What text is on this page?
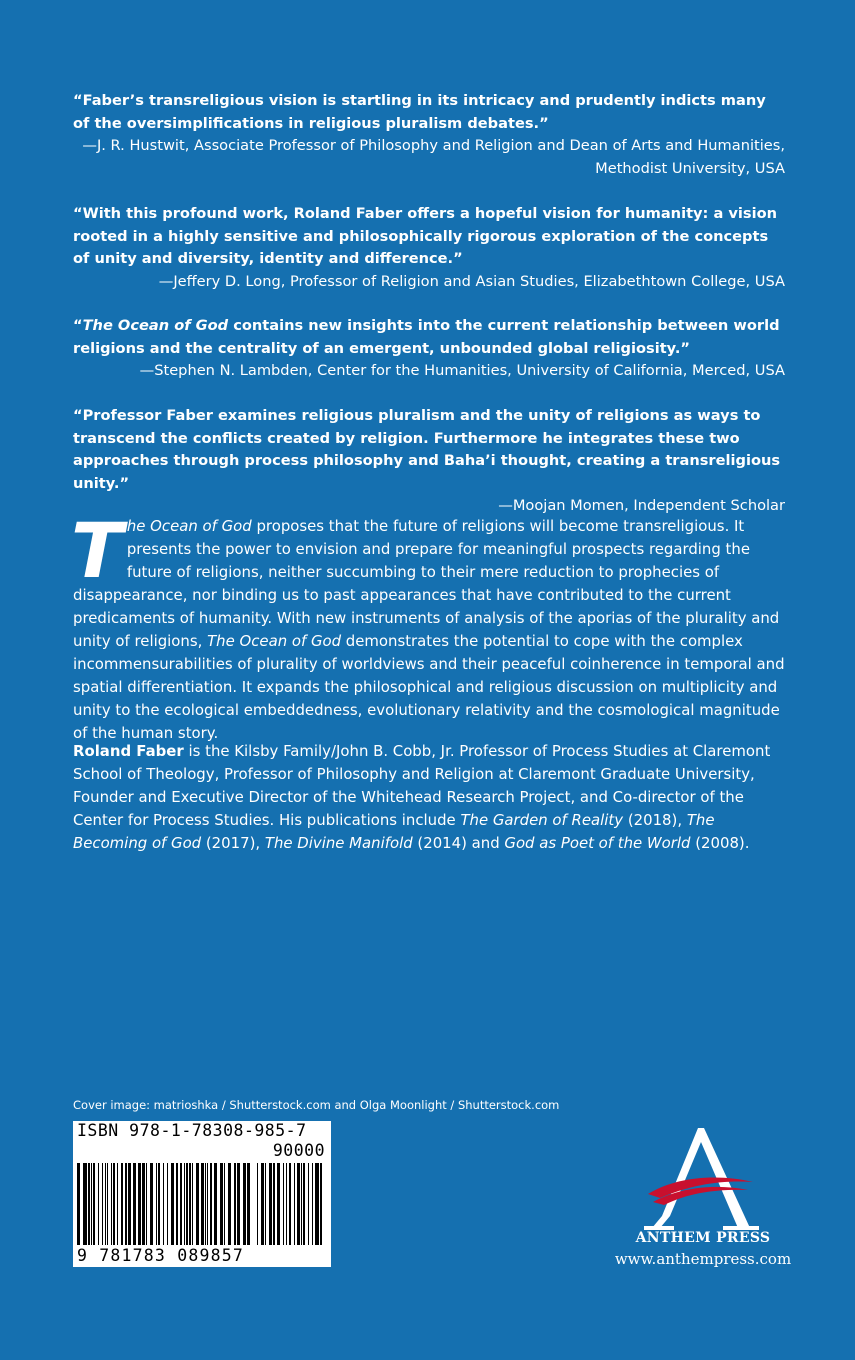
“Faber’s transreligious vision is startling in its intricacy and prudently indicts many of the oversimplifications in religious pluralism debates.”

—J. R. Hustwit, Associate Professor of Philosophy and Religion and Dean of Arts and Humanities, Methodist University, USA

“With this profound work, Roland Faber offers a hopeful vision for humanity: a vision rooted in a highly sensitive and philosophically rigorous exploration of the concepts of unity and diversity, identity and difference.”

—Jeffery D. Long, Professor of Religion and Asian Studies, Elizabethtown College, USA

“The Ocean of God contains new insights into the current relationship between world religions and the centrality of an emergent, unbounded global religiosity.”

—Stephen N. Lambden, Center for the Humanities, University of California, Merced, USA

“Professor Faber examines religious pluralism and the unity of religions as ways to transcend the conflicts created by religion. Furthermore he integrates these two approaches through process philosophy and Baha’i thought, creating a transreligious unity.”

—Moojan Momen, Independent Scholar

The Ocean of God proposes that the future of religions will become transreligious. It presents the power to envision and prepare for meaningful prospects regarding the future of religions, neither succumbing to their mere reduction to prophecies of disappearance, nor binding us to past appearances that have contributed to the current predicaments of humanity. With new instruments of analysis of the aporias of the plurality and unity of religions, The Ocean of God demonstrates the potential to cope with the complex incommensurabilities of plurality of worldviews and their peaceful coinherence in temporal and spatial differentiation. It expands the philosophical and religious discussion on multiplicity and unity to the ecological embeddedness, evolutionary relativity and the cosmological magnitude of the human story.
Roland Faber is the Kilsby Family/John B. Cobb, Jr. Professor of Process Studies at Claremont School of Theology, Professor of Philosophy and Religion at Claremont Graduate University, Founder and Executive Director of the Whitehead Research Project, and Co-director of the Center for Process Studies. His publications include The Garden of Reality (2018), The Becoming of God (2017), The Divine Manifold (2014) and God as Poet of the World (2008).
Cover image: matrioshka / Shutterstock.com and Olga Moonlight / Shutterstock.com
ISBN 978-1-78308-985-7
90000
9 781783 089857
ANTHEM PRESS
www.anthempress.com
